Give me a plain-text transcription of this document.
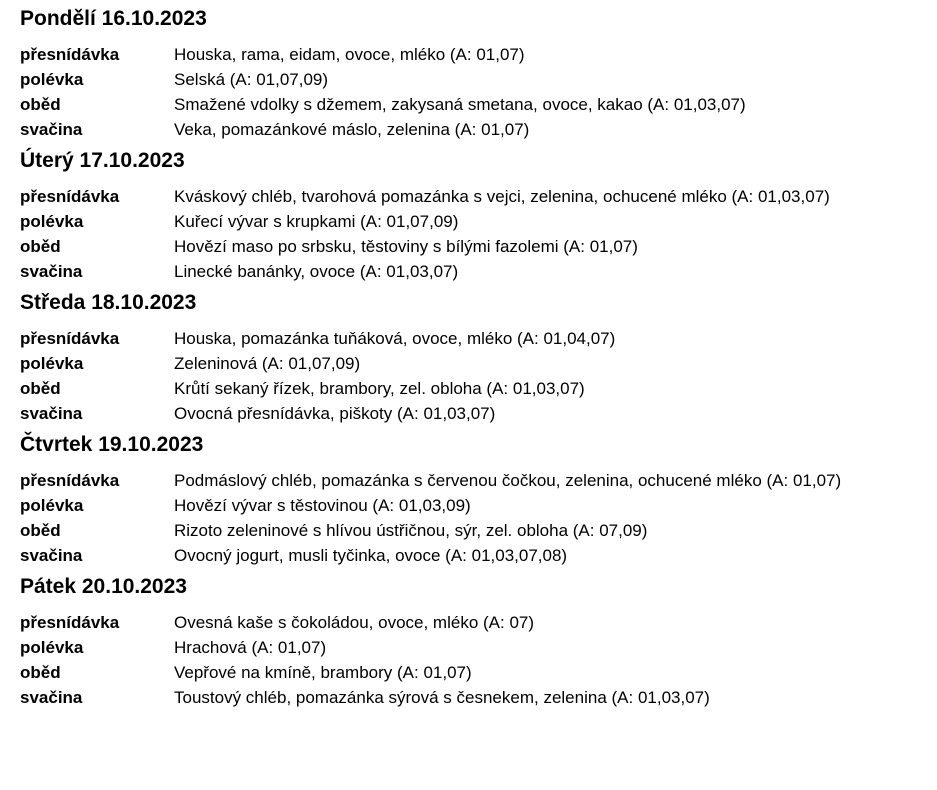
Pondělí 16.10.2023
přesnídávka	Houska, rama, eidam, ovoce, mléko (A: 01,07)
polévka	Selská (A: 01,07,09)
oběd	Smažené vdolky s džemem, zakysaná smetana, ovoce, kakao (A: 01,03,07)
svačina	Veka, pomazánkové máslo, zelenina (A: 01,07)
Úterý 17.10.2023
přesnídávka	Kváskový chléb, tvarohová pomazánka s vejci, zelenina, ochucené mléko (A: 01,03,07)
polévka	Kuřecí vývar s krupkami (A: 01,07,09)
oběd	Hovězí maso po srbsku, těstoviny s bílými fazolemi (A: 01,07)
svačina	Linecké banánky, ovoce (A: 01,03,07)
Středa 18.10.2023
přesnídávka	Houska, pomazánka tuňáková, ovoce, mléko (A: 01,04,07)
polévka	Zeleninová (A: 01,07,09)
oběd	Krůtí sekaný řízek, brambory, zel. obloha (A: 01,03,07)
svačina	Ovocná přesnídávka, piškoty (A: 01,03,07)
Čtvrtek 19.10.2023
přesnídávka	Podmáslový chléb, pomazánka s červenou čočkou, zelenina, ochucené mléko (A: 01,07)
polévka	Hovězí vývar s těstovinou (A: 01,03,09)
oběd	Rizoto zeleninové s hlívou ústřičnou, sýr, zel. obloha (A: 07,09)
svačina	Ovocný jogurt, musli tyčinka, ovoce (A: 01,03,07,08)
Pátek 20.10.2023
přesnídávka	Ovesná kaše s čokoládou, ovoce, mléko (A: 07)
polévka	Hrachová (A: 01,07)
oběd	Vepřové na kmíně, brambory (A: 01,07)
svačina	Toustový chléb, pomazánka sýrová s česnekem, zelenina (A: 01,03,07)
